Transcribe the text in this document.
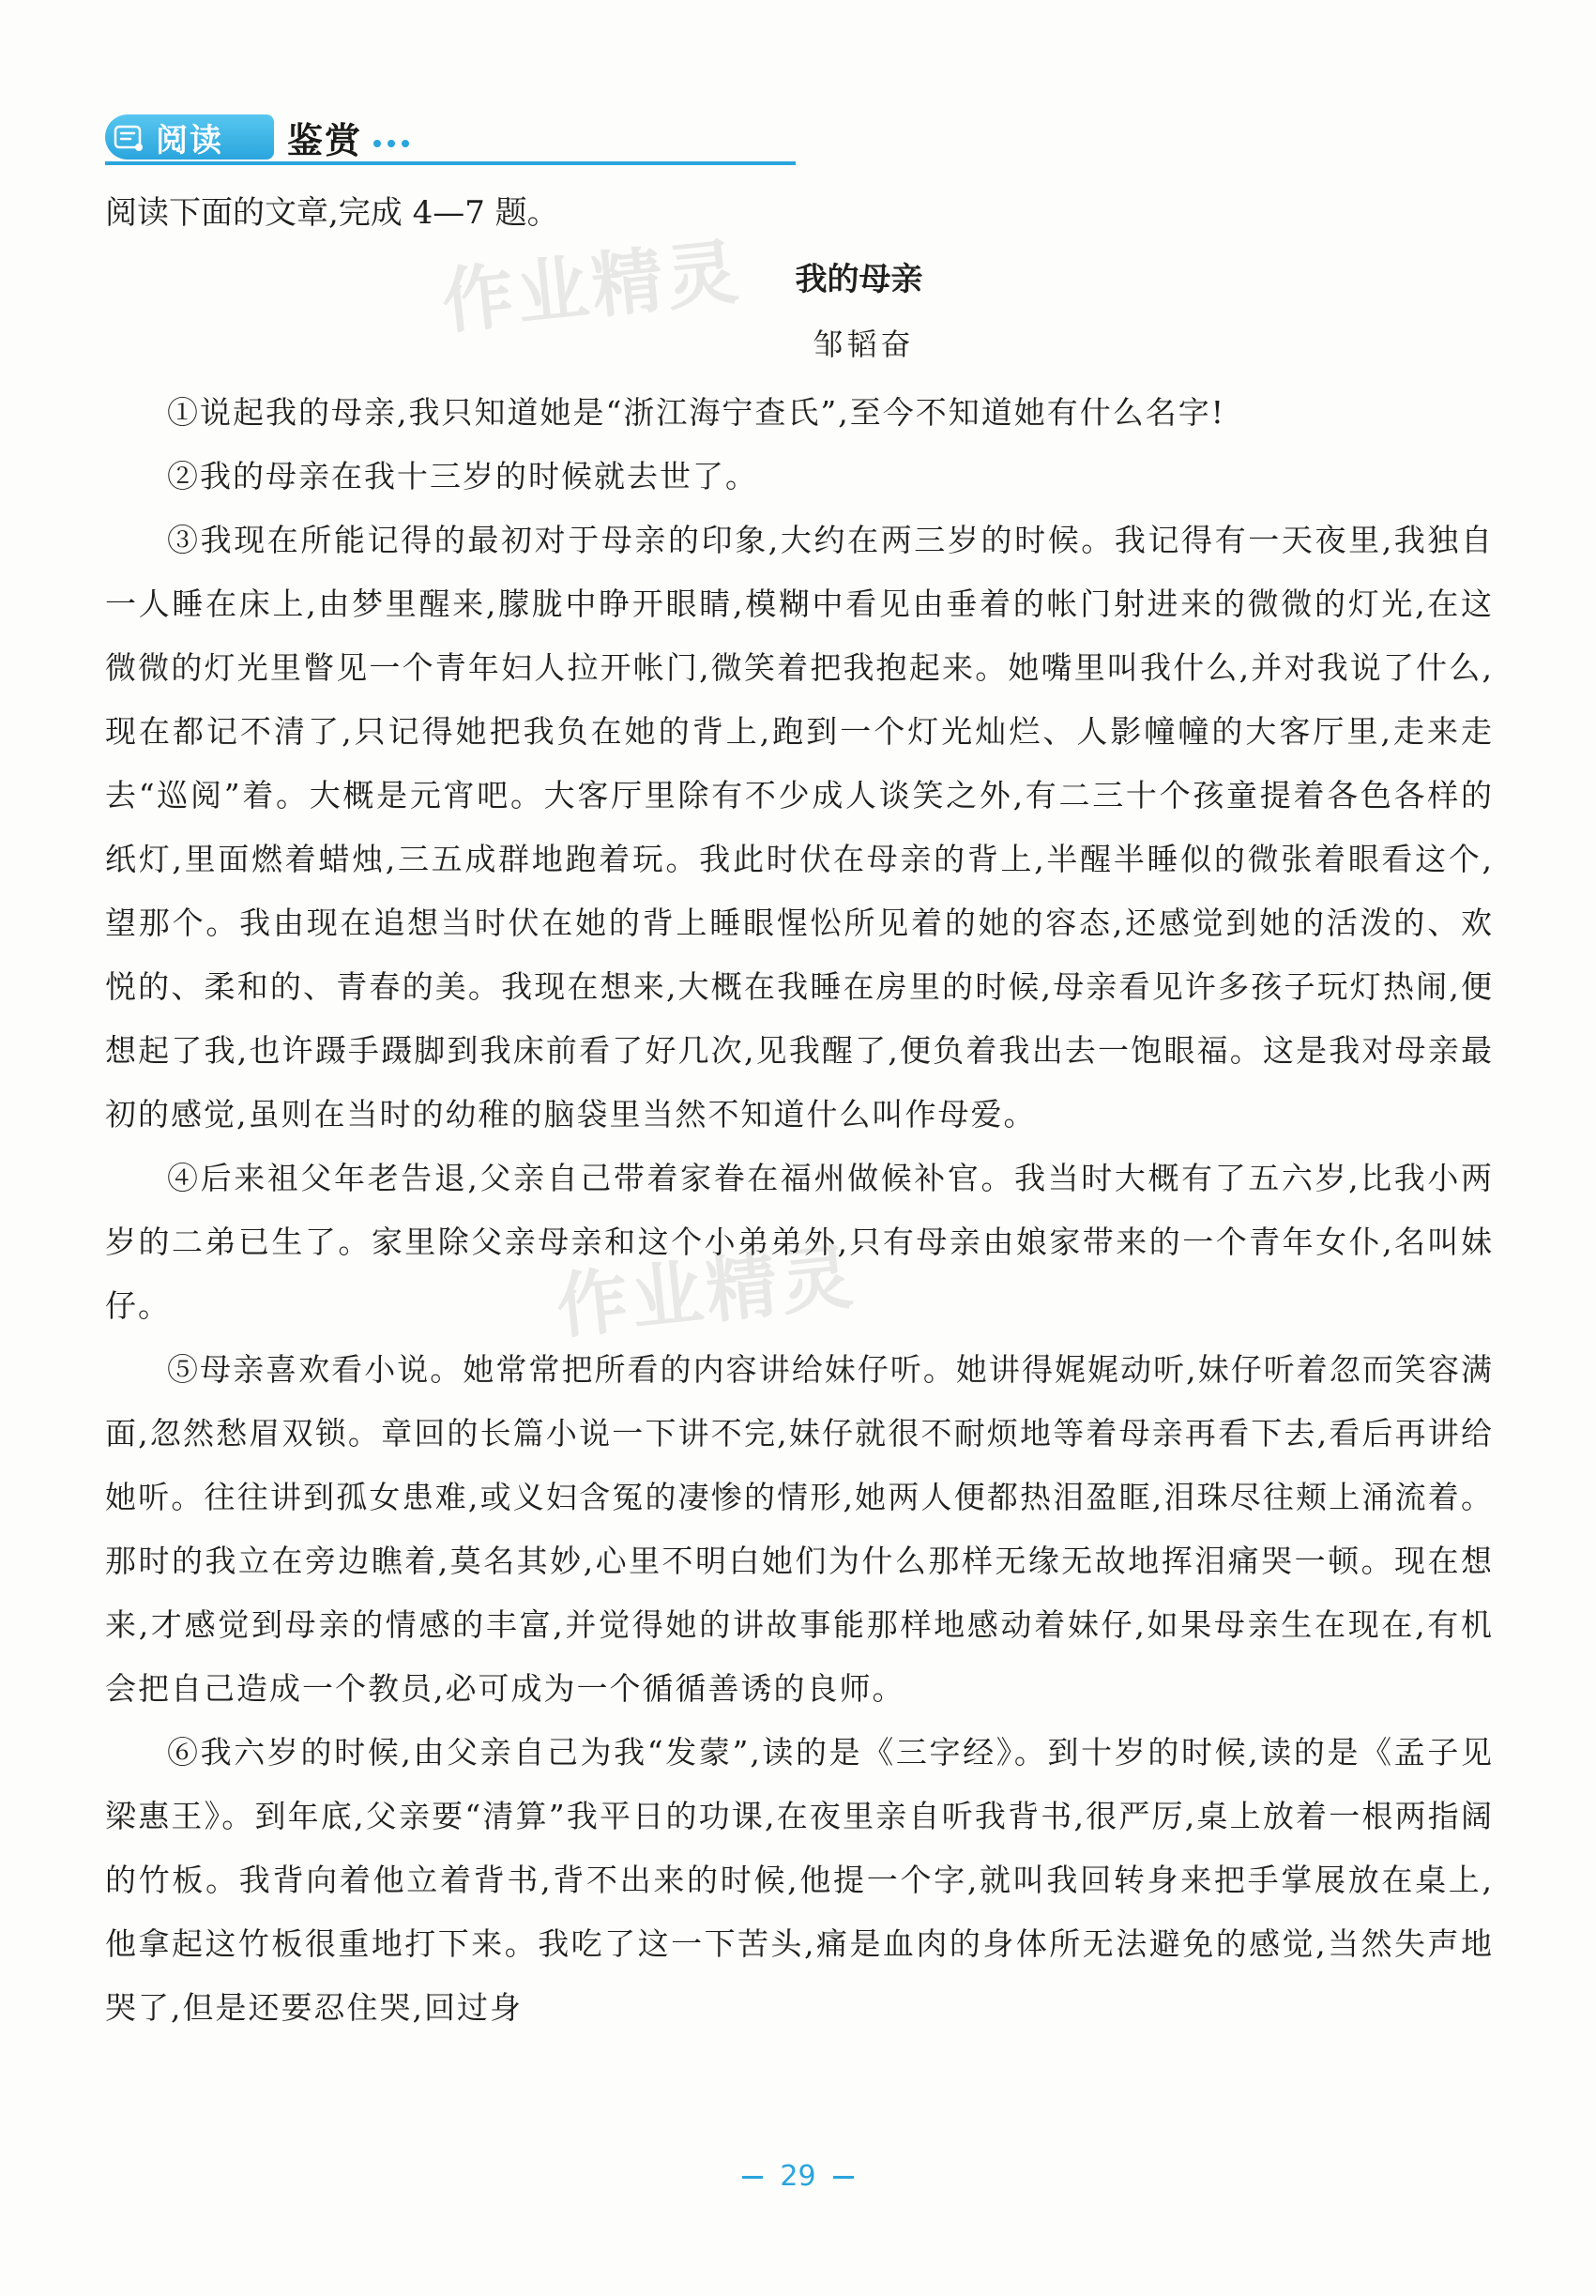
阅读 鉴赏
阅读下面的文章,完成 4—7 题。
作业精灵
作业精灵
我的母亲
邹韬奋

①说起我的母亲,我只知道她是“浙江海宁查氏”,至今不知道她有什么名字!

②我的母亲在我十三岁的时候就去世了。

③我现在所能记得的最初对于母亲的印象,大约在两三岁的时候。我记得有一天夜里,我独自一人睡在床上,由梦里醒来,朦胧中睁开眼睛,模糊中看见由垂着的帐门射进来的微微的灯光,在这微微的灯光里瞥见一个青年妇人拉开帐门,微笑着把我抱起来。她嘴里叫我什么,并对我说了什么,现在都记不清了,只记得她把我负在她的背上,跑到一个灯光灿烂、人影幢幢的大客厅里,走来走去“巡阅”着。大概是元宵吧。大客厅里除有不少成人谈笑之外,有二三十个孩童提着各色各样的纸灯,里面燃着蜡烛,三五成群地跑着玩。我此时伏在母亲的背上,半醒半睡似的微张着眼看这个,望那个。我由现在追想当时伏在她的背上睡眼惺忪所见着的她的容态,还感觉到她的活泼的、欢悦的、柔和的、青春的美。我现在想来,大概在我睡在房里的时候,母亲看见许多孩子玩灯热闹,便想起了我,也许蹑手蹑脚到我床前看了好几次,见我醒了,便负着我出去一饱眼福。这是我对母亲最初的感觉,虽则在当时的幼稚的脑袋里当然不知道什么叫作母爱。

④后来祖父年老告退,父亲自己带着家眷在福州做候补官。我当时大概有了五六岁,比我小两岁的二弟已生了。家里除父亲母亲和这个小弟弟外,只有母亲由娘家带来的一个青年女仆,名叫妹仔。

⑤母亲喜欢看小说。她常常把所看的内容讲给妹仔听。她讲得娓娓动听,妹仔听着忽而笑容满面,忽然愁眉双锁。章回的长篇小说一下讲不完,妹仔就很不耐烦地等着母亲再看下去,看后再讲给她听。往往讲到孤女患难,或义妇含冤的凄惨的情形,她两人便都热泪盈眶,泪珠尽往颊上涌流着。那时的我立在旁边瞧着,莫名其妙,心里不明白她们为什么那样无缘无故地挥泪痛哭一顿。现在想来,才感觉到母亲的情感的丰富,并觉得她的讲故事能那样地感动着妹仔,如果母亲生在现在,有机会把自己造成一个教员,必可成为一个循循善诱的良师。

⑥我六岁的时候,由父亲自己为我“发蒙”,读的是《三字经》。到十岁的时候,读的是《孟子见梁惠王》。到年底,父亲要“清算”我平日的功课,在夜里亲自听我背书,很严厉,桌上放着一根两指阔的竹板。我背向着他立着背书,背不出来的时候,他提一个字,就叫我回转身来把手掌展放在桌上,他拿起这竹板很重地打下来。我吃了这一下苦头,痛是血肉的身体所无法避免的感觉,当然失声地哭了,但是还要忍住哭,回过身

29
